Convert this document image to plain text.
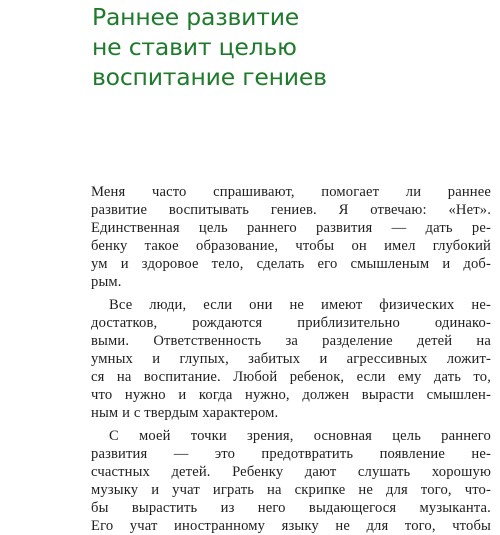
Раннее развитие
не ставит целью
воспитание гениев
Меня часто спрашивают, помогает ли раннее
развитие воспитывать гениев. Я отвечаю: «Нет».
Единственная цель раннего развития — дать ре-
бенку такое образование, чтобы он имел глубокий
ум и здоровое тело, сделать его смышленым и доб-
рым.
Все люди, если они не имеют физических не-
достатков, рождаются приблизительно одинако-
выми. Ответственность за разделение детей на
умных и глупых, забитых и агрессивных ложит-
ся на воспитание. Любой ребенок, если ему дать то,
что нужно и когда нужно, должен вырасти смышлен-
ным и с твердым характером.
С моей точки зрения, основная цель раннего
развития — это предотвратить появление не-
счастных детей. Ребенку дают слушать хорошую
музыку и учат играть на скрипке не для того, что-
бы вырастить из него выдающегося музыканта.
Его учат иностранному языку не для того, чтобы
